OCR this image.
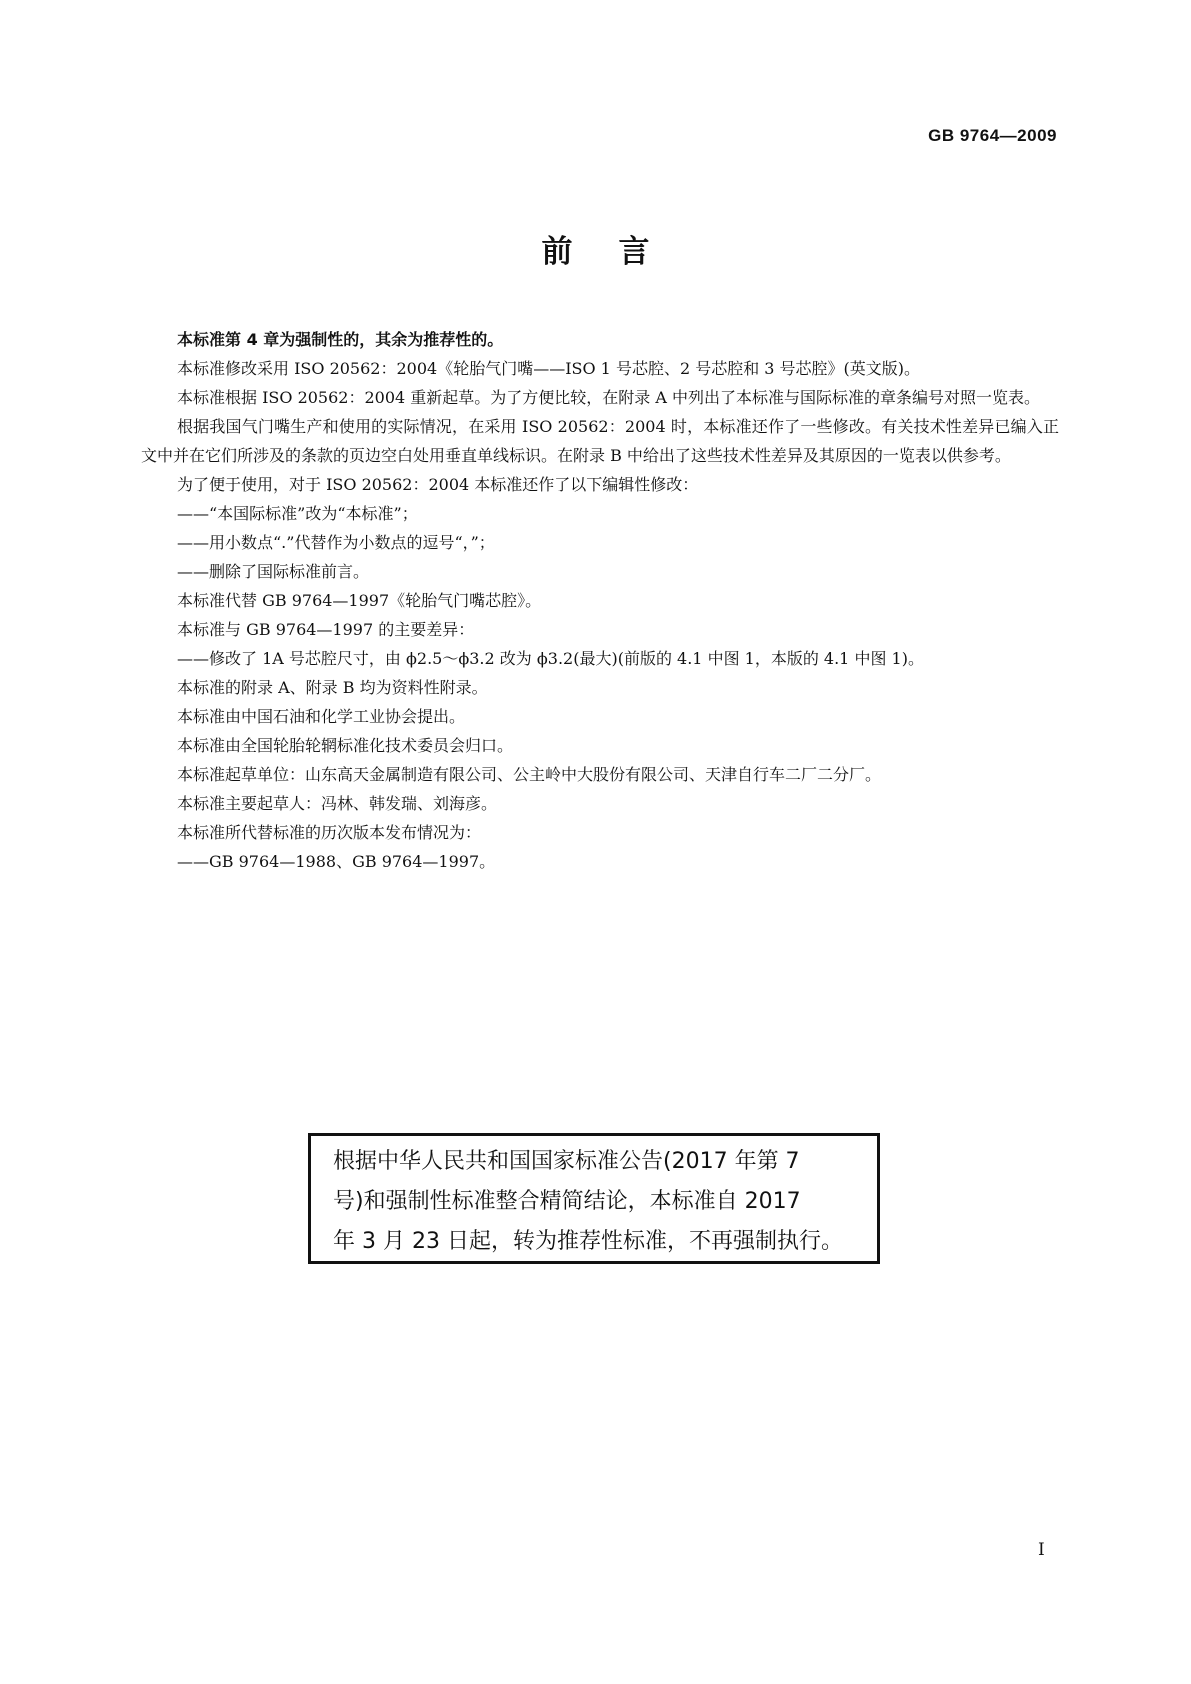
GB 9764—2009

前言

本标准第 4 章为强制性的，其余为推荐性的。

本标准修改采用 ISO 20562：2004《轮胎气门嘴——ISO 1 号芯腔、2 号芯腔和 3 号芯腔》(英文版)。

本标准根据 ISO 20562：2004 重新起草。为了方便比较，在附录 A 中列出了本标准与国际标准的章条编号对照一览表。

根据我国气门嘴生产和使用的实际情况，在采用 ISO 20562：2004 时，本标准还作了一些修改。有关技术性差异已编入正文中并在它们所涉及的条款的页边空白处用垂直单线标识。在附录 B 中给出了这些技术性差异及其原因的一览表以供参考。

为了便于使用，对于 ISO 20562：2004 本标准还作了以下编辑性修改：

——“本国际标准”改为“本标准”；

——用小数点“.”代替作为小数点的逗号“，”；

——删除了国际标准前言。

本标准代替 GB 9764—1997《轮胎气门嘴芯腔》。

本标准与 GB 9764—1997 的主要差异：

——修改了 1A 号芯腔尺寸，由 ϕ2.5～ϕ3.2 改为 ϕ3.2(最大)(前版的 4.1 中图 1，本版的 4.1 中图 1)。

本标准的附录 A、附录 B 均为资料性附录。

本标准由中国石油和化学工业协会提出。

本标准由全国轮胎轮辋标准化技术委员会归口。

本标准起草单位：山东高天金属制造有限公司、公主岭中大股份有限公司、天津自行车二厂二分厂。

本标准主要起草人：冯林、韩发瑞、刘海彦。

本标准所代替标准的历次版本发布情况为：

——GB 9764—1988、GB 9764—1997。

根据中华人民共和国国家标准公告(2017 年第 7

号)和强制性标准整合精简结论，本标准自 2017

年 3 月 23 日起，转为推荐性标准，不再强制执行。

I
